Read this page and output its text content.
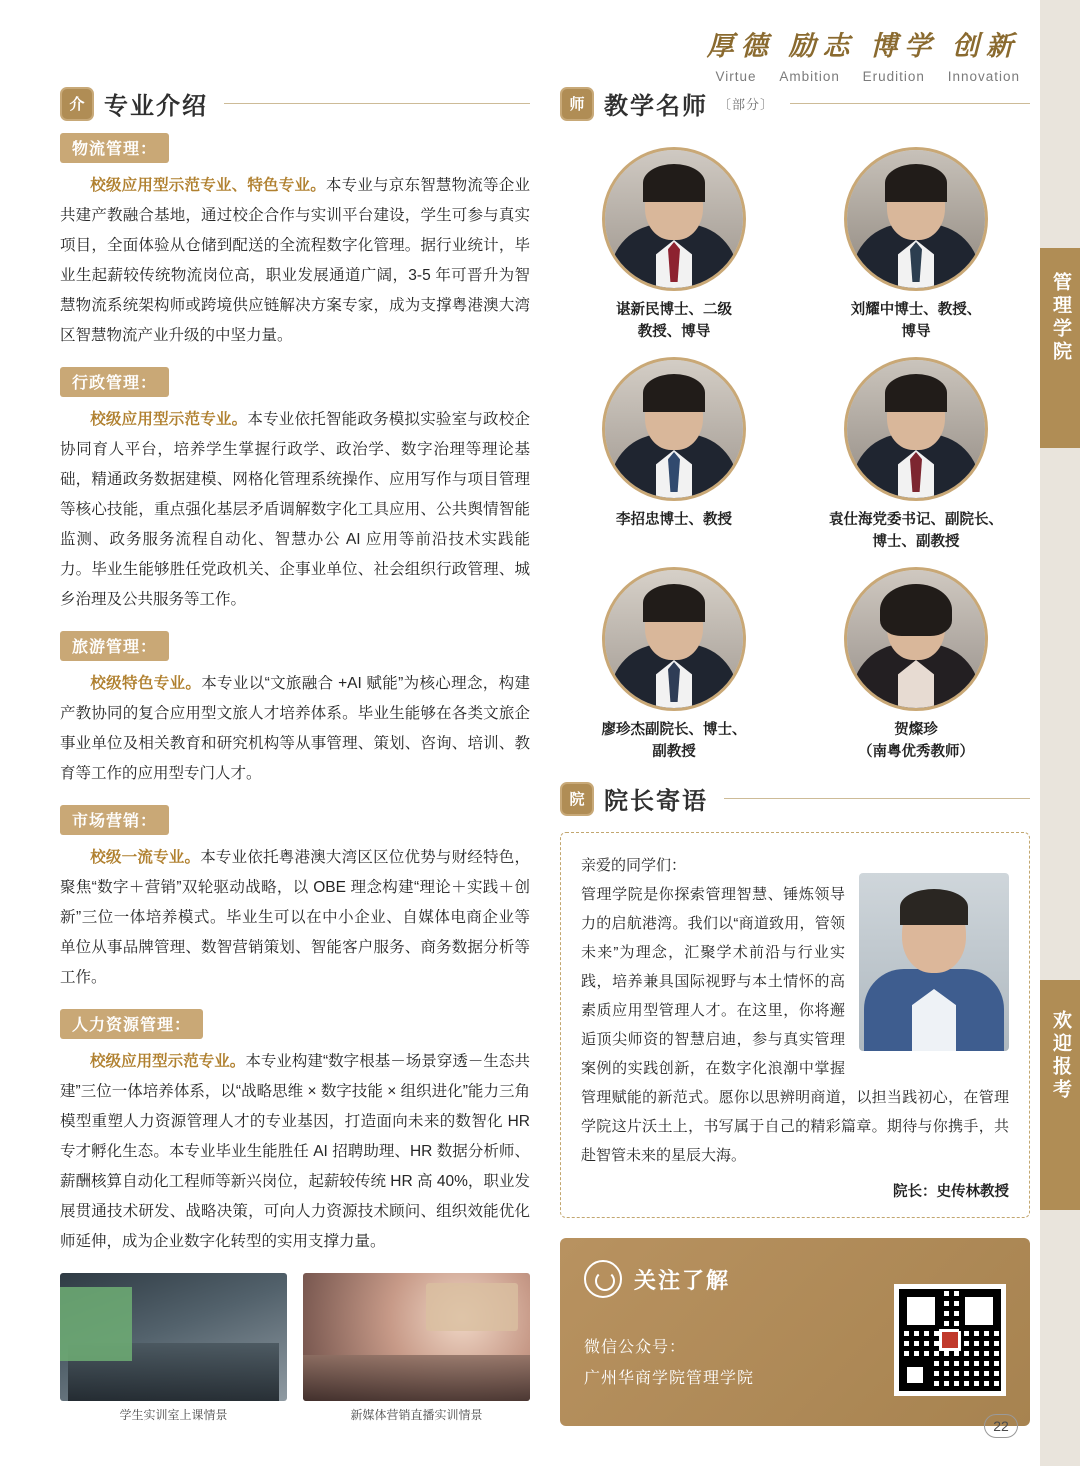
管理学院
欢迎报考
厚德 励志 博学 创新
Virtue Ambition Erudition Innovation
介 专业介绍
物流管理：
校级应用型示范专业、特色专业。本专业与京东智慧物流等企业共建产教融合基地，通过校企合作与实训平台建设，学生可参与真实项目，全面体验从仓储到配送的全流程数字化管理。据行业统计，毕业生起薪较传统物流岗位高，职业发展通道广阔，3-5 年可晋升为智慧物流系统架构师或跨境供应链解决方案专家，成为支撑粤港澳大湾区智慧物流产业升级的中坚力量。
行政管理：
校级应用型示范专业。本专业依托智能政务模拟实验室与政校企协同育人平台，培养学生掌握行政学、政治学、数字治理等理论基础，精通政务数据建模、网格化管理系统操作、应用写作与项目管理等核心技能，重点强化基层矛盾调解数字化工具应用、公共舆情智能监测、政务服务流程自动化、智慧办公 AI 应用等前沿技术实践能力。毕业生能够胜任党政机关、企事业单位、社会组织行政管理、城乡治理及公共服务等工作。
旅游管理：
校级特色专业。本专业以“文旅融合 +AI 赋能”为核心理念，构建产教协同的复合应用型文旅人才培养体系。毕业生能够在各类文旅企事业单位及相关教育和研究机构等从事管理、策划、咨询、培训、教育等工作的应用型专门人才。
市场营销：
校级一流专业。本专业依托粤港澳大湾区区位优势与财经特色，聚焦“数字＋营销”双轮驱动战略，以 OBE 理念构建“理论＋实践＋创新”三位一体培养模式。毕业生可以在中小企业、自媒体电商企业等单位从事品牌管理、数智营销策划、智能客户服务、商务数据分析等工作。
人力资源管理：
校级应用型示范专业。本专业构建“数字根基－场景穿透－生态共建”三位一体培养体系，以“战略思维 × 数字技能 × 组织进化”能力三角模型重塑人力资源管理人才的专业基因，打造面向未来的数智化 HR 专才孵化生态。本专业毕业生能胜任 AI 招聘助理、HR 数据分析师、薪酬核算自动化工程师等新兴岗位，起薪较传统 HR 高 40%，职业发展贯通技术研发、战略决策，可向人力资源技术顾问、组织效能优化师延伸，成为企业数字化转型的实用支撑力量。
学生实训室上课情景	新媒体营销直播实训情景
师 教学名师 〔部分〕
谌新民博士、二级
教授、博导
刘耀中博士、教授、
博导
李招忠博士、教授	袁仕海党委书记、副院长、
博士、副教授
廖珍杰副院长、博士、
副教授
贺燦珍
（南粤优秀教师）
院 院长寄语
亲爱的同学们：
管理学院是你探索管理智慧、锤炼领导力的启航港湾。我们以“商道致用，管领未来”为理念，汇聚学术前沿与行业实践，培养兼具国际视野与本土情怀的高素质应用型管理人才。在这里，你将邂逅顶尖师资的智慧启迪，参与真实管理案例的实践创新，在数字化浪潮中掌握管理赋能的新范式。愿你以思辨明商道，以担当践初心，在管理学院这片沃土上，书写属于自己的精彩篇章。期待与你携手，共赴智管未来的星辰大海。
院长：史传林教授
关注了解
微信公众号：
广州华商学院管理学院
22
